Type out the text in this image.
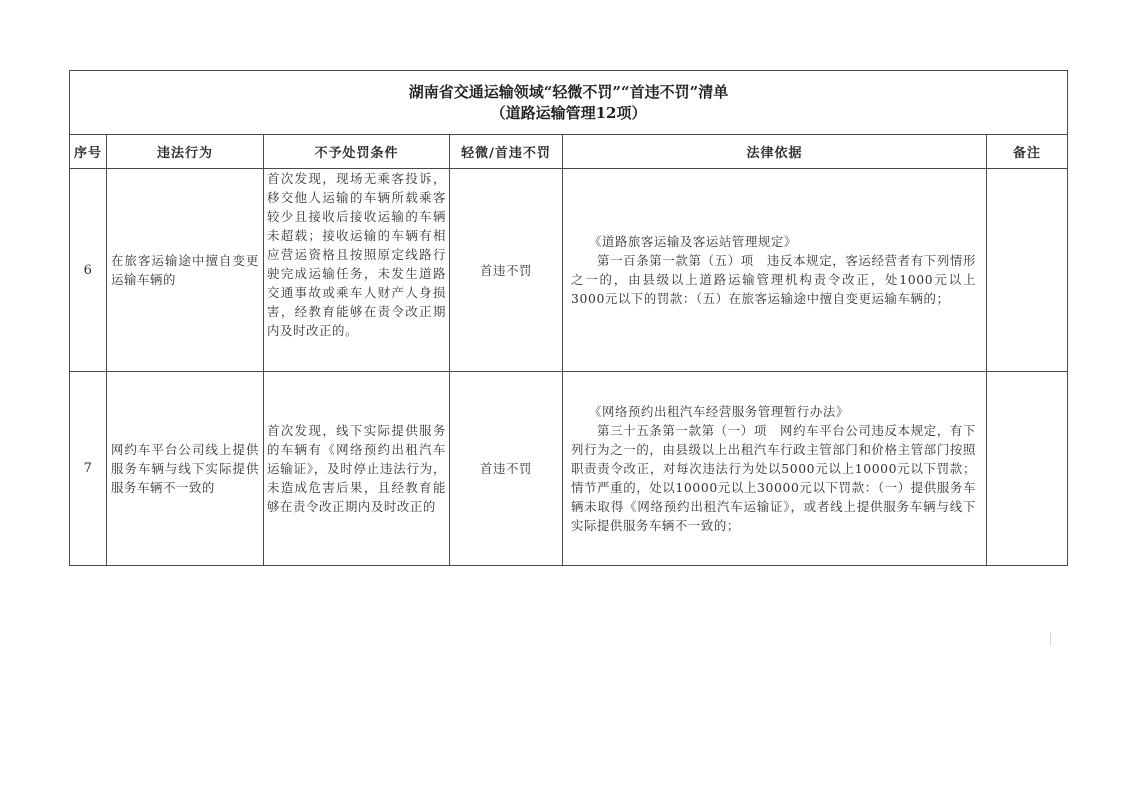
湖南省交通运输领域“轻微不罚”“首违不罚”清单
（道路运输管理12项）					

序号	违法行为	不予处罚条件	轻微/首违不罚	法律依据	备注
6	在旅客运输途中擅自变更运输车辆的	首次发现，现场无乘客投诉，移交他人运输的车辆所载乘客较少且接收后接收运输的车辆未超载；接收运输的车辆有相应营运资格且按照原定线路行驶完成运输任务，未发生道路交通事故或乘车人财产人身损害，经教育能够在责令改正期内及时改正的。	首违不罚	《道路旅客运输及客运站管理规定》
第一百条第一款第（五）项　违反本规定，客运经营者有下列情形之一的，由县级以上道路运输管理机构责令改正，处1000元以上3000元以下的罚款：（五）在旅客运输途中擅自变更运输车辆的；	

7	网约车平台公司线上提供服务车辆与线下实际提供服务车辆不一致的	首次发现，线下实际提供服务的车辆有《网络预约出租汽车运输证》，及时停止违法行为，未造成危害后果，且经教育能够在责令改正期内及时改正的	首违不罚	《网络预约出租汽车经营服务管理暂行办法》
第三十五条第一款第（一）项　网约车平台公司违反本规定，有下列行为之一的，由县级以上出租汽车行政主管部门和价格主管部门按照职责责令改正，对每次违法行为处以5000元以上10000元以下罚款；情节严重的，处以10000元以上30000元以下罚款：（一）提供服务车辆未取得《网络预约出租汽车运输证》，或者线上提供服务车辆与线下实际提供服务车辆不一致的；	
